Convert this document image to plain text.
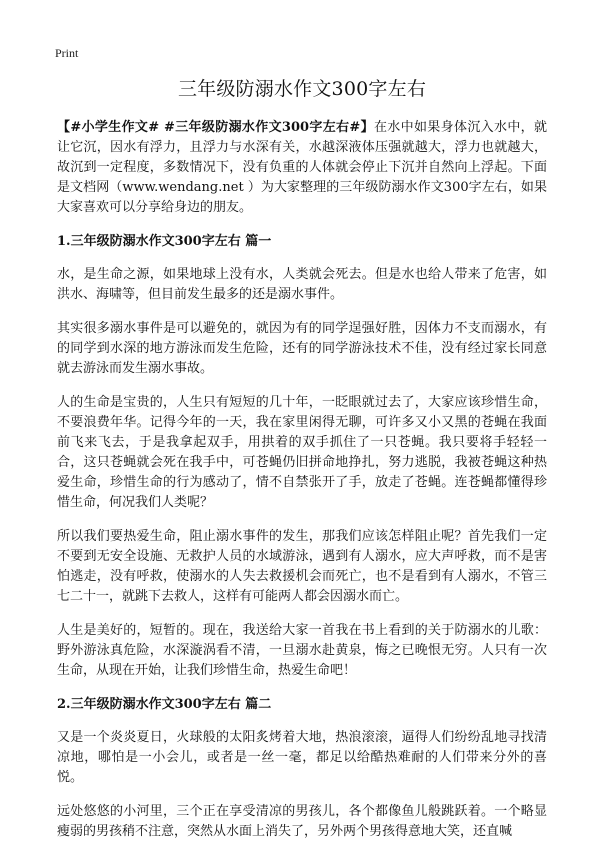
Print
三年级防溺水作文300字左右

【#小学生作文# #三年级防溺水作文300字左右#】在水中如果身体沉入水中，就让它沉，因水有浮力，且浮力与水深有关，水越深液体压强就越大，浮力也就越大，故沉到一定程度，多数情况下，没有负重的人体就会停止下沉并自然向上浮起。下面是文档网（www.wendang.net ）为大家整理的三年级防溺水作文300字左右，如果大家喜欢可以分享给身边的朋友。

1.三年级防溺水作文300字左右 篇一

水，是生命之源，如果地球上没有水，人类就会死去。但是水也给人带来了危害，如洪水、海啸等，但目前发生最多的还是溺水事件。

其实很多溺水事件是可以避免的，就因为有的同学逞强好胜，因体力不支而溺水，有的同学到水深的地方游泳而发生危险，还有的同学游泳技术不佳，没有经过家长同意就去游泳而发生溺水事故。

人的生命是宝贵的，人生只有短短的几十年，一眨眼就过去了，大家应该珍惜生命，不要浪费年华。记得今年的一天，我在家里闲得无聊，可许多又小又黑的苍蝇在我面前飞来飞去，于是我拿起双手，用拱着的双手抓住了一只苍蝇。我只要将手轻轻一合，这只苍蝇就会死在我手中，可苍蝇仍旧拼命地挣扎，努力逃脱，我被苍蝇这种热爱生命，珍惜生命的行为感动了，情不自禁张开了手，放走了苍蝇。连苍蝇都懂得珍惜生命，何况我们人类呢？

所以我们要热爱生命，阻止溺水事件的发生，那我们应该怎样阻止呢？首先我们一定不要到无安全设施、无救护人员的水域游泳，遇到有人溺水，应大声呼救，而不是害怕逃走，没有呼救，使溺水的人失去救援机会而死亡，也不是看到有人溺水，不管三七二十一，就跳下去救人，这样有可能两人都会因溺水而亡。

人生是美好的，短暂的。现在，我送给大家一首我在书上看到的关于防溺水的儿歌：野外游泳真危险，水深漩涡看不清，一旦溺水赴黄泉，悔之已晚恨无穷。人只有一次生命，从现在开始，让我们珍惜生命，热爱生命吧！

2.三年级防溺水作文300字左右 篇二

又是一个炎炎夏日，火球般的太阳炙烤着大地，热浪滚滚，逼得人们纷纷乱地寻找清凉地，哪怕是一小会儿，或者是一丝一毫，都足以给酷热难耐的人们带来分外的喜悦。

远处悠悠的小河里，三个正在享受清凉的男孩儿，各个都像鱼儿般跳跃着。一个略显瘦弱的男孩稍不注意，突然从水面上消失了，另外两个男孩得意地大笑，还直喊
